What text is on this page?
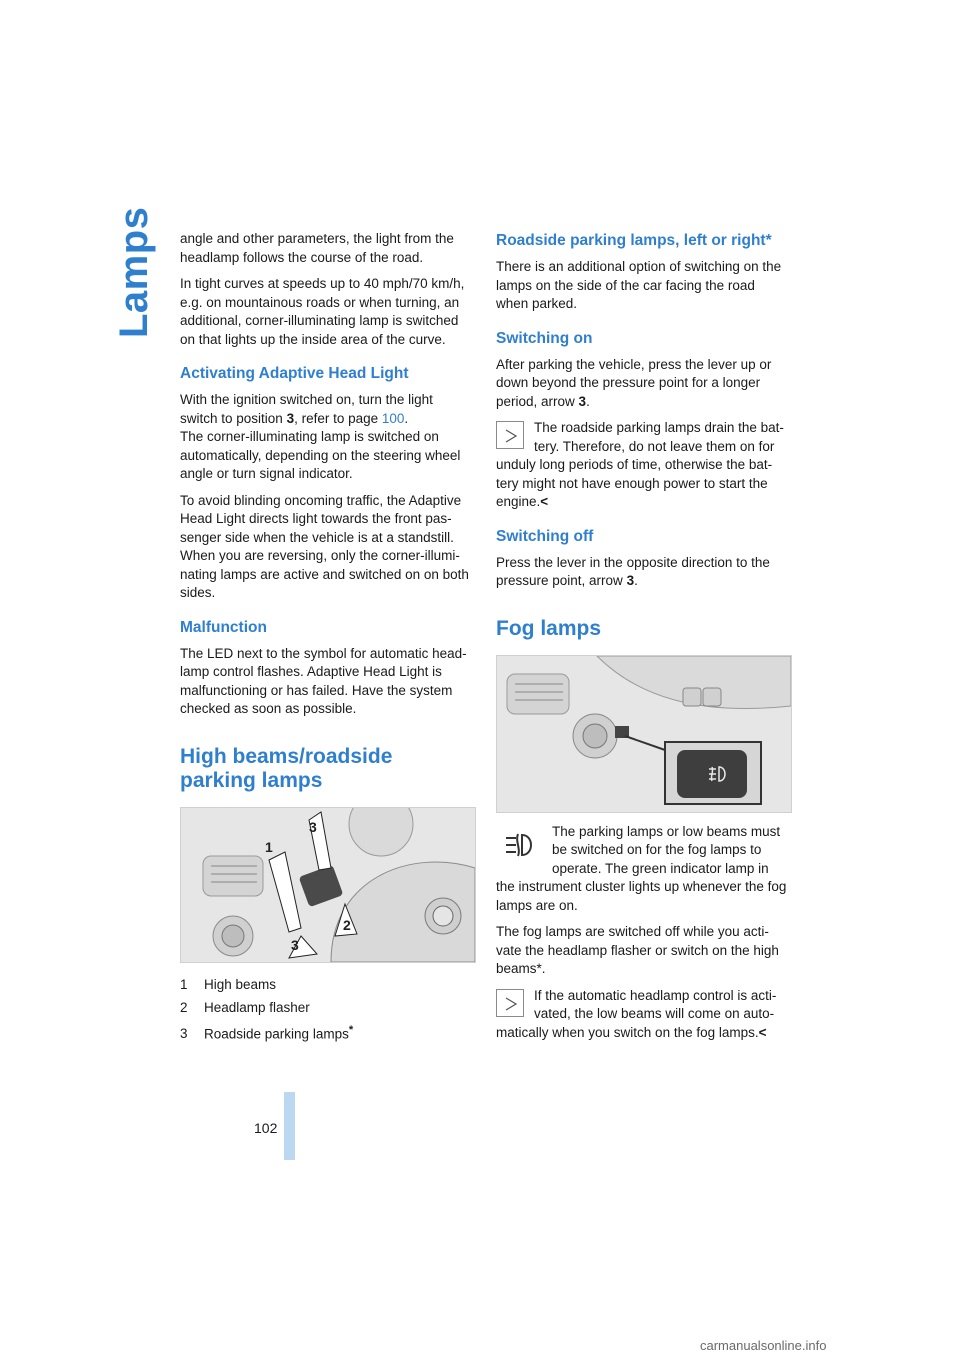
Lamps
102

angle and other parameters, the light from the headlamp follows the course of the road.

In tight curves at speeds up to 40 mph/70 km/h, e.g. on mountainous roads or when turning, an additional, corner-illuminating lamp is switched on that lights up the inside area of the curve.

Activating Adaptive Head Light

With the ignition switched on, turn the light switch to position 3, refer to page 100.

The corner-illuminating lamp is switched on automatically, depending on the steering wheel angle or turn signal indicator.

To avoid blinding oncoming traffic, the Adaptive Head Light directs light towards the front pas-senger side when the vehicle is at a standstill. When you are reversing, only the corner-illumi-nating lamps are active and switched on on both sides.

Malfunction

The LED next to the symbol for automatic head-lamp control flashes. Adaptive Head Light is malfunctioning or has failed. Have the system checked as soon as possible.

High beams/roadside parking lamps
1
3
2
3
1 High beams
2 Headlamp flasher
3 Roadside parking lamps*
Roadside parking lamps, left or right*

There is an additional option of switching on the lamps on the side of the car facing the road when parked.

Switching on

After parking the vehicle, press the lever up or down beyond the pressure point for a longer period, arrow 3.

The roadside parking lamps drain the bat-tery. Therefore, do not leave them on for unduly long periods of time, otherwise the bat-tery might not have enough power to start the engine.<

Switching off

Press the lever in the opposite direction to the pressure point, arrow 3.

Fog lamps

The parking lamps or low beams must be switched on for the fog lamps to operate. The green indicator lamp in the instrument cluster lights up whenever the fog lamps are on.

The fog lamps are switched off while you acti-vate the headlamp flasher or switch on the high beams*.

If the automatic headlamp control is acti-vated, the low beams will come on auto-matically when you switch on the fog lamps.<

carmanualsonline.info
